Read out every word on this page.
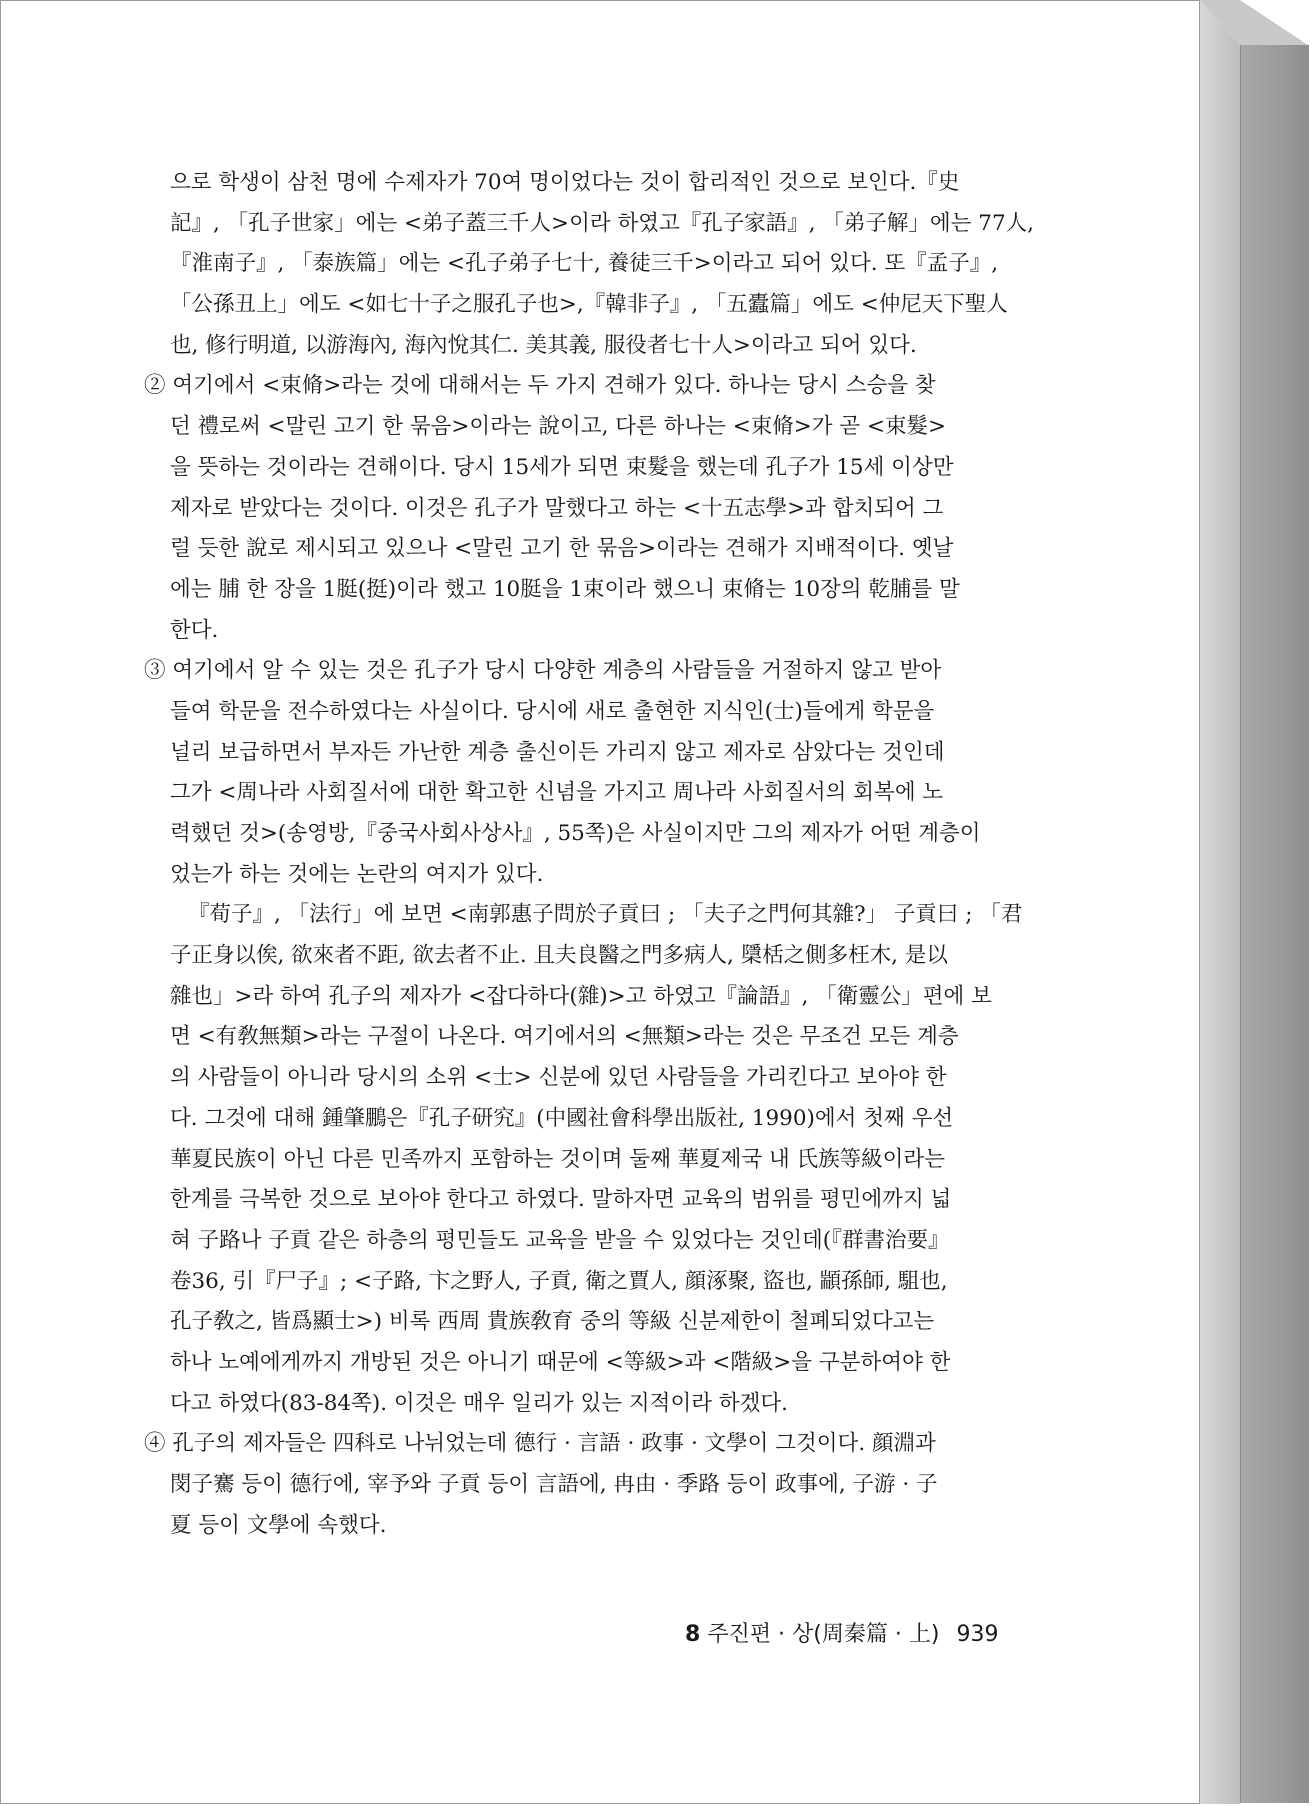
으로 학생이 삼천 명에 수제자가 70여 명이었다는 것이 합리적인 것으로 보인다.『史
記』, 「孔子世家」에는 <弟子蓋三千人>이라 하였고『孔子家語』, 「弟子解」에는 77人,
『淮南子』, 「泰族篇」에는 <孔子弟子七十, 養徒三千>이라고 되어 있다. 또『孟子』,
「公孫丑上」에도 <如七十子之服孔子也>,『韓非子』, 「五蠹篇」에도 <仲尼天下聖人
也, 修行明道, 以游海內, 海內悅其仁. 美其義, 服役者七十人>이라고 되어 있다.
② 여기에서 <束脩>라는 것에 대해서는 두 가지 견해가 있다. 하나는 당시 스승을 찾
던 禮로써 <말린 고기 한 묶음>이라는 說이고, 다른 하나는 <束脩>가 곧 <束髮>
을 뜻하는 것이라는 견해이다. 당시 15세가 되면 束髮을 했는데 孔子가 15세 이상만
제자로 받았다는 것이다. 이것은 孔子가 말했다고 하는 <十五志學>과 합치되어 그
럴 듯한 說로 제시되고 있으나 <말린 고기 한 묶음>이라는 견해가 지배적이다. 옛날
에는 脯 한 장을 1脡(挺)이라 했고 10脡을 1束이라 했으니 束脩는 10장의 乾脯를 말
한다.
③ 여기에서 알 수 있는 것은 孔子가 당시 다양한 계층의 사람들을 거절하지 않고 받아
들여 학문을 전수하였다는 사실이다. 당시에 새로 출현한 지식인(士)들에게 학문을
널리 보급하면서 부자든 가난한 계층 출신이든 가리지 않고 제자로 삼았다는 것인데
그가 <周나라 사회질서에 대한 확고한 신념을 가지고 周나라 사회질서의 회복에 노
력했던 것>(송영방,『중국사회사상사』, 55쪽)은 사실이지만 그의 제자가 어떤 계층이
었는가 하는 것에는 논란의 여지가 있다.
『荀子』, 「法行」에 보면 <南郭惠子問於子貢曰 ; 「夫子之門何其雜?」 子貢曰 ; 「君
子正身以俟, 欲來者不距, 欲去者不止. 且夫良醫之門多病人, 檃栝之側多枉木, 是以
雜也」>라 하여 孔子의 제자가 <잡다하다(雜)>고 하였고『論語』, 「衛靈公」편에 보
면 <有敎無類>라는 구절이 나온다. 여기에서의 <無類>라는 것은 무조건 모든 계층
의 사람들이 아니라 당시의 소위 <士> 신분에 있던 사람들을 가리킨다고 보아야 한
다. 그것에 대해 鍾肇鵬은『孔子研究』(中國社會科學出版社, 1990)에서 첫째 우선
華夏民族이 아닌 다른 민족까지 포함하는 것이며 둘째 華夏제국 내 氏族等級이라는
한계를 극복한 것으로 보아야 한다고 하였다. 말하자면 교육의 범위를 평민에까지 넓
혀 子路나 子貢 같은 하층의 평민들도 교육을 받을 수 있었다는 것인데(『群書治要』
卷36, 引『尸子』; <子路, 卞之野人, 子貢, 衛之賈人, 顔涿聚, 盜也, 顓孫師, 駔也,
孔子敎之, 皆爲顯士>) 비록 西周 貴族敎育 중의 等級 신분제한이 철폐되었다고는
하나 노예에게까지 개방된 것은 아니기 때문에 <等級>과 <階級>을 구분하여야 한
다고 하였다(83-84쪽). 이것은 매우 일리가 있는 지적이라 하겠다.
④ 孔子의 제자들은 四科로 나뉘었는데 德行 · 言語 · 政事 · 文學이 그것이다. 顔淵과
閔子騫 등이 德行에, 宰予와 子貢 등이 言語에, 冉由 · 季路 등이 政事에, 子游 · 子
夏 등이 文學에 속했다.
8 주진편 · 상(周秦篇 · 上) 939
